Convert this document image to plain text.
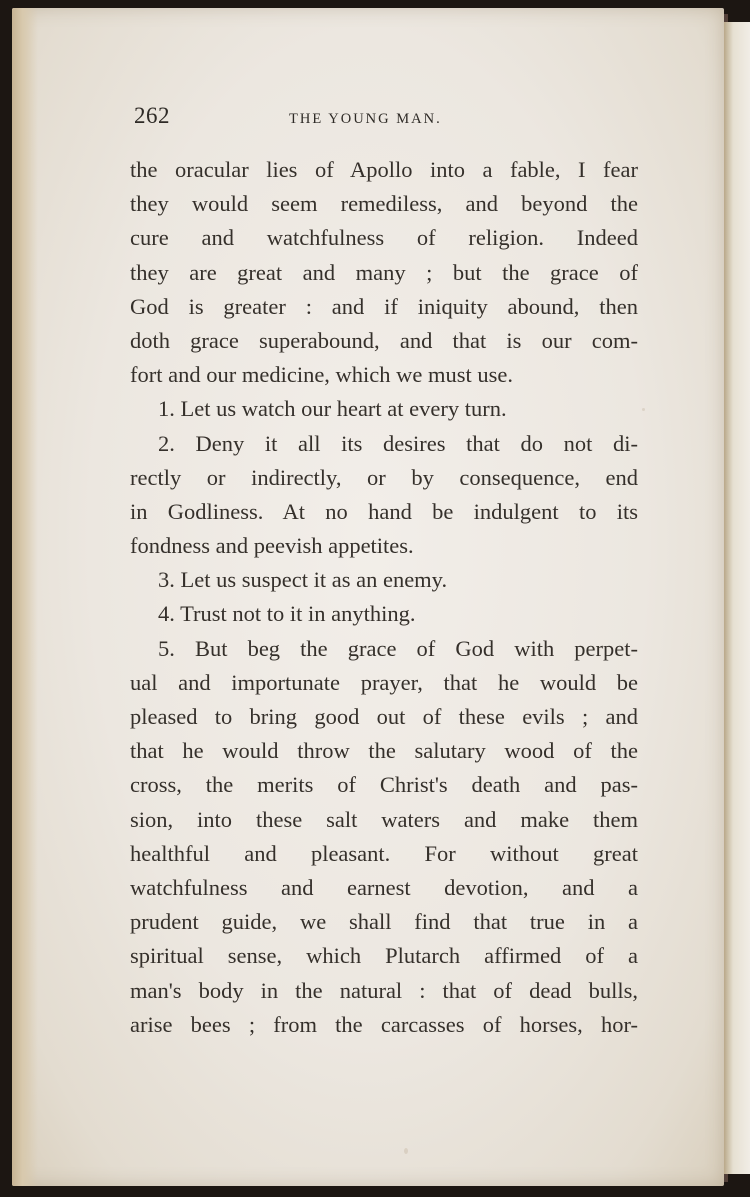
262	THE YOUNG MAN.
the oracular lies of Apollo into a fable, I fear
they would seem remediless, and beyond the
cure and watchfulness of religion. Indeed
they are great and many ; but the grace of
God is greater : and if iniquity abound, then
doth grace superabound, and that is our com-
fort and our medicine, which we must use.
1. Let us watch our heart at every turn.
2. Deny it all its desires that do not di-
rectly or indirectly, or by consequence, end
in Godliness. At no hand be indulgent to its
fondness and peevish appetites.
3. Let us suspect it as an enemy.
4. Trust not to it in anything.
5. But beg the grace of God with perpet-
ual and importunate prayer, that he would be
pleased to bring good out of these evils ; and
that he would throw the salutary wood of the
cross, the merits of Christ's death and pas-
sion, into these salt waters and make them
healthful and pleasant. For without great
watchfulness and earnest devotion, and a
prudent guide, we shall find that true in a
spiritual sense, which Plutarch affirmed of a
man's body in the natural : that of dead bulls,
arise bees ; from the carcasses of horses, hor-
